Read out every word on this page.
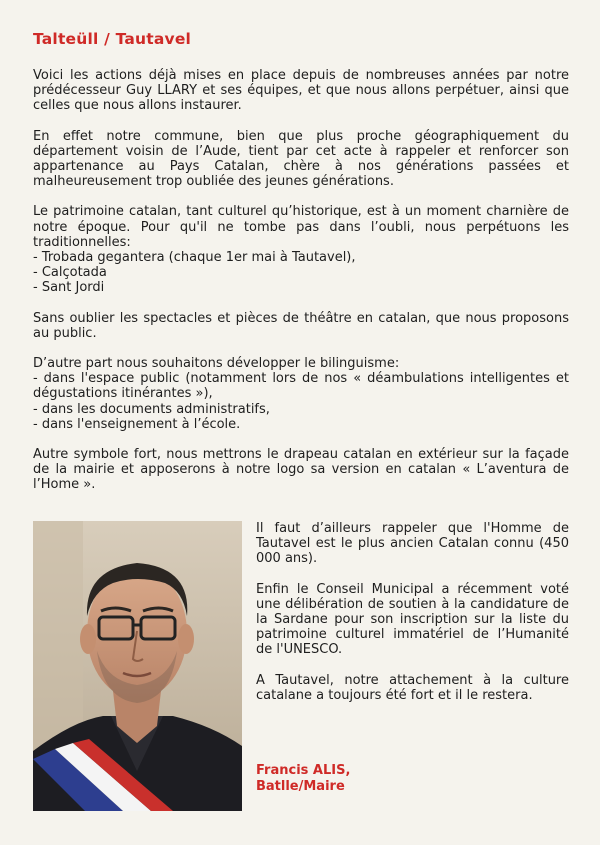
Talteüll / Tautavel

Voici les actions déjà mises en place depuis de nombreuses années par notre prédécesseur Guy LLARY et ses équipes, et que nous allons perpétuer, ainsi que celles que nous allons instaurer.

En effet notre commune, bien que plus proche géographiquement du département voisin de l’Aude, tient par cet acte à rappeler et renforcer son appartenance au Pays Catalan, chère à nos générations passées et malheureusement trop oubliée des jeunes générations.

Le patrimoine catalan, tant culturel qu’historique, est à un moment charnière de notre époque. Pour qu'il ne tombe pas dans l’oubli, nous perpétuons les traditionnelles:

- Trobada gegantera (chaque 1er mai à Tautavel),
- Calçotada
- Sant Jordi

Sans oublier les spectacles et pièces de théâtre en catalan, que nous proposons au public.

D’autre part nous souhaitons développer le bilinguisme:

- dans l'espace public (notamment lors de nos « déambulations intelligentes et dégustations itinérantes »),
- dans les documents administratifs,
- dans l'enseignement à l’école.

Autre symbole fort, nous mettrons le drapeau catalan en extérieur sur la façade de la mairie et apposerons à notre logo sa version en catalan « L’aventura de l’Home ».

Il faut d’ailleurs rappeler que l'Homme de Tautavel est le plus ancien Catalan connu (450 000 ans).

Enfin le Conseil Municipal a récemment voté une délibération de soutien à la candidature de la Sardane pour son inscription sur la liste du patrimoine culturel immatériel de l’Humanité de l'UNESCO.

A Tautavel, notre attachement à la culture catalane a toujours été fort et il le restera.

Francis ALIS,
Batlle/Maire
